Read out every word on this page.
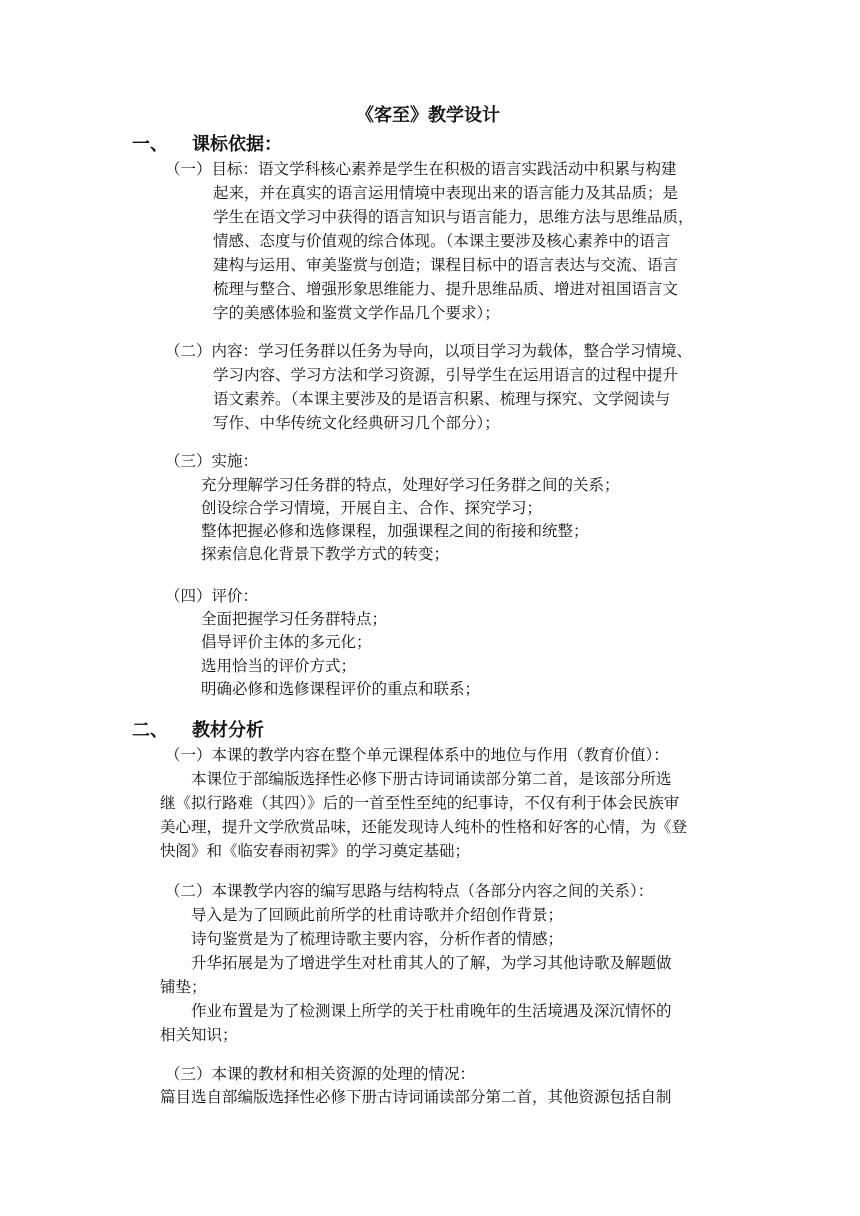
《客至》教学设计
一、 课标依据：
（一）目标：语文学科核心素养是学生在积极的语言实践活动中积累与构建
起来，并在真实的语言运用情境中表现出来的语言能力及其品质；是
学生在语文学习中获得的语言知识与语言能力，思维方法与思维品质，
情感、态度与价值观的综合体现。（本课主要涉及核心素养中的语言
建构与运用、审美鉴赏与创造；课程目标中的语言表达与交流、语言
梳理与整合、增强形象思维能力、提升思维品质、增进对祖国语言文
字的美感体验和鉴赏文学作品几个要求）；
（二）内容：学习任务群以任务为导向，以项目学习为载体，整合学习情境、
学习内容、学习方法和学习资源，引导学生在运用语言的过程中提升
语文素养。（本课主要涉及的是语言积累、梳理与探究、文学阅读与
写作、中华传统文化经典研习几个部分）；
（三）实施：
充分理解学习任务群的特点，处理好学习任务群之间的关系；
创设综合学习情境，开展自主、合作、探究学习；
整体把握必修和选修课程，加强课程之间的衔接和统整；
探索信息化背景下教学方式的转变；
（四）评价：
全面把握学习任务群特点；
倡导评价主体的多元化；
选用恰当的评价方式；
明确必修和选修课程评价的重点和联系；
二、 教材分析
（一）本课的教学内容在整个单元课程体系中的地位与作用（教育价值）：
本课位于部编版选择性必修下册古诗词诵读部分第二首，是该部分所选
继《拟行路难（其四）》后的一首至性至纯的纪事诗，不仅有利于体会民族审
美心理，提升文学欣赏品味，还能发现诗人纯朴的性格和好客的心情，为《登
快阁》和《临安春雨初霁》的学习奠定基础；
（二）本课教学内容的编写思路与结构特点（各部分内容之间的关系）：
导入是为了回顾此前所学的杜甫诗歌并介绍创作背景；
诗句鉴赏是为了梳理诗歌主要内容，分析作者的情感；
升华拓展是为了增进学生对杜甫其人的了解，为学习其他诗歌及解题做
铺垫；
作业布置是为了检测课上所学的关于杜甫晚年的生活境遇及深沉情怀的
相关知识；
（三）本课的教材和相关资源的处理的情况：
篇目选自部编版选择性必修下册古诗词诵读部分第二首，其他资源包括自制
